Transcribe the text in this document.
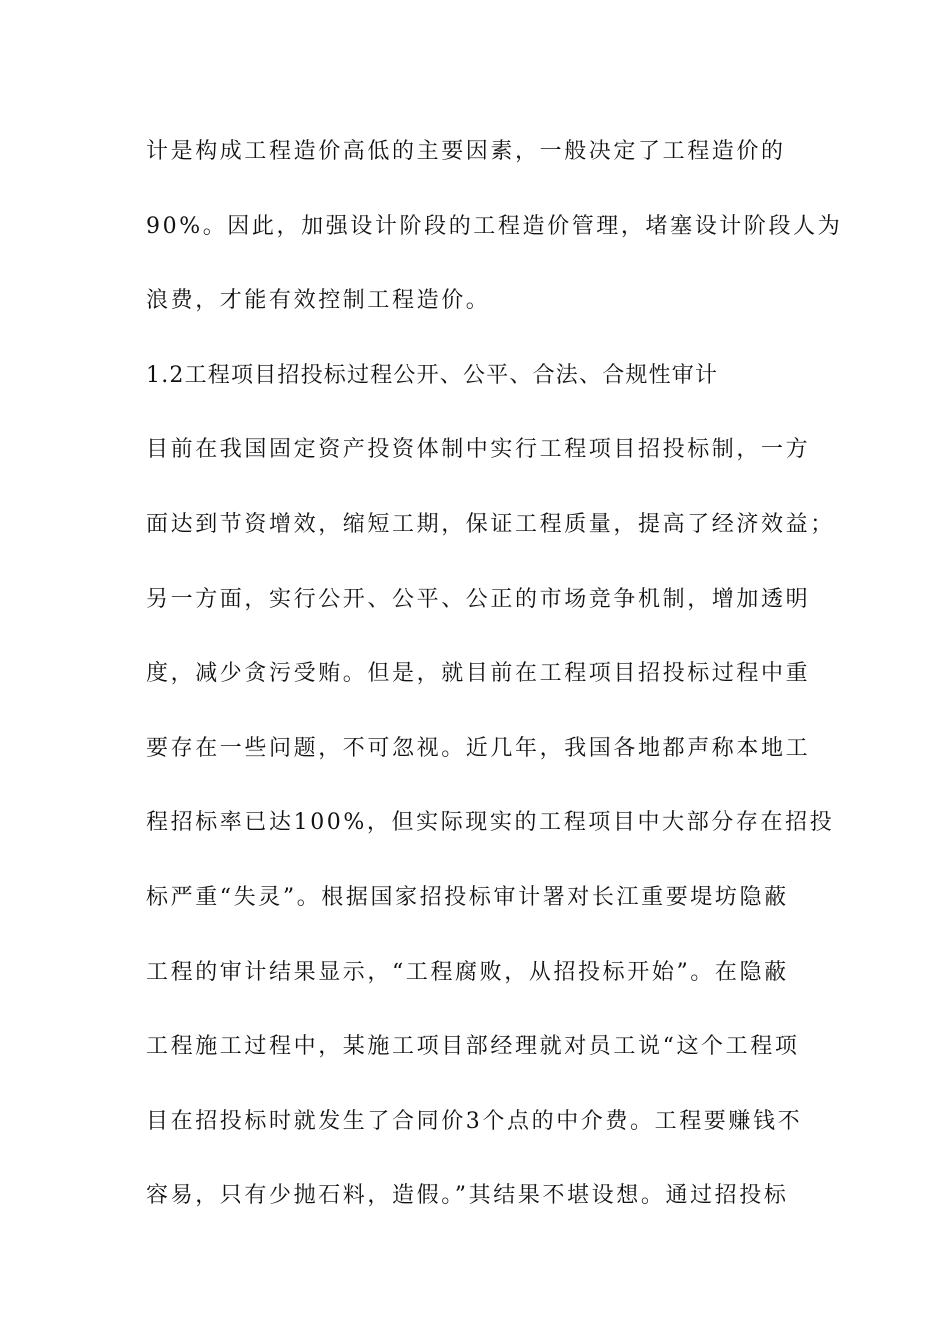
计是构成工程造价高低的主要因素，一般决定了工程造价的
90%。因此，加强设计阶段的工程造价管理，堵塞设计阶段人为
浪费，才能有效控制工程造价。
1.2工程项目招投标过程公开、公平、合法、合规性审计
目前在我国固定资产投资体制中实行工程项目招投标制，一方
面达到节资增效，缩短工期，保证工程质量，提高了经济效益；
另一方面，实行公开、公平、公正的市场竞争机制，增加透明
度，减少贪污受贿。但是，就目前在工程项目招投标过程中重
要存在一些问题，不可忽视。近几年，我国各地都声称本地工
程招标率已达100%，但实际现实的工程项目中大部分存在招投
标严重“失灵”。根据国家招投标审计署对长江重要堤坊隐蔽
工程的审计结果显示，“工程腐败，从招投标开始”。在隐蔽
工程施工过程中，某施工项目部经理就对员工说“这个工程项
目在招投标时就发生了合同价3个点的中介费。工程要赚钱不
容易，只有少抛石料，造假。”其结果不堪设想。通过招投标
